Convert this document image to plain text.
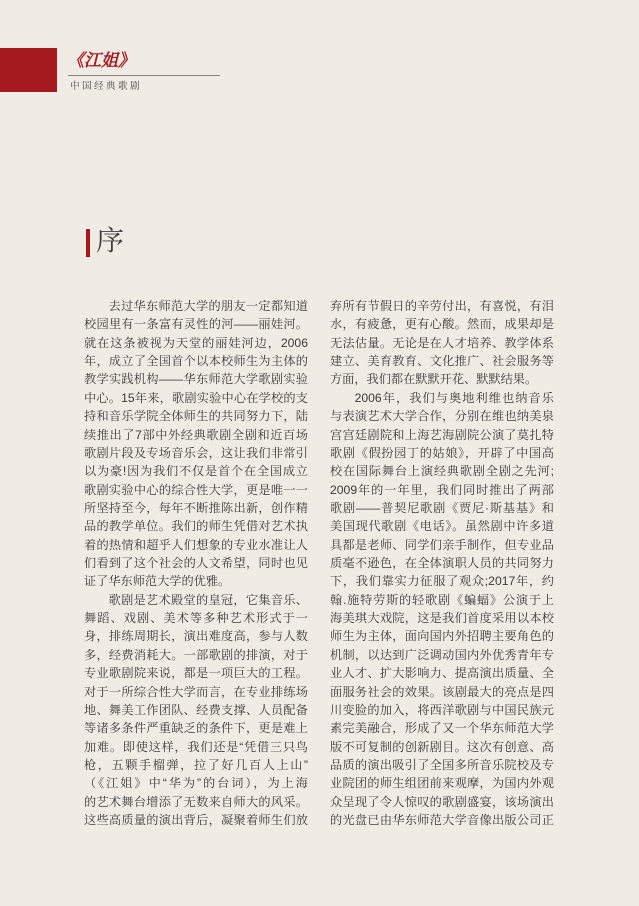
《江姐》
中国经典歌剧
序
去过华东师范大学的朋友一定都知道
校园里有一条富有灵性的河——丽娃河。
就在这条被视为天堂的丽娃河边，2006
年，成立了全国首个以本校师生为主体的
教学实践机构——华东师范大学歌剧实验
中心。15年来，歌剧实验中心在学校的支
持和音乐学院全体师生的共同努力下，陆
续推出了7部中外经典歌剧全剧和近百场
歌剧片段及专场音乐会，这让我们非常引
以为豪!因为我们不仅是首个在全国成立
歌剧实验中心的综合性大学，更是唯一一
所坚持至今，每年不断推陈出新，创作精
品的教学单位。我们的师生凭借对艺术执
着的热情和超乎人们想象的专业水准让人
们看到了这个社会的人文希望，同时也见
证了华东师范大学的优雅。
歌剧是艺术殿堂的皇冠，它集音乐、
舞蹈、戏剧、美术等多种艺术形式于一
身，排练周期长，演出难度高，参与人数
多，经费消耗大。一部歌剧的排演，对于
专业歌剧院来说，都是一项巨大的工程。
对于一所综合性大学而言，在专业排练场
地、舞美工作团队、经费支撑、人员配备
等诸多条件严重缺乏的条件下，更是难上
加难。即使这样，我们还是“凭借三只鸟
枪，五颗手榴弹，拉了好几百人上山”
（《江姐》中“华为”的台词），为上海
的艺术舞台增添了无数来自师大的风采。
这些高质量的演出背后，凝聚着师生们放
弃所有节假日的辛劳付出，有喜悦，有泪
水，有疲惫，更有心酸。然而，成果却是
无法估量。无论是在人才培养、教学体系
建立、美育教育、文化推广、社会服务等
方面，我们都在默默开花、默默结果。
2006年，我们与奥地利维也纳音乐
与表演艺术大学合作，分别在维也纳美泉
宫宫廷剧院和上海艺海剧院公演了莫扎特
歌剧《假扮园丁的姑娘》，开辟了中国高
校在国际舞台上演经典歌剧全剧之先河;
2009年的一年里，我们同时推出了两部
歌剧——普契尼歌剧《贾尼·斯基基》和
美国现代歌剧《电话》。虽然剧中许多道
具都是老师、同学们亲手制作，但专业品
质毫不逊色，在全体演职人员的共同努力
下，我们靠实力征服了观众;2017年，约
翰.施特劳斯的轻歌剧《蝙蝠》公演于上
海美琪大戏院，这是我们首度采用以本校
师生为主体，面向国内外招聘主要角色的
机制，以达到广泛调动国内外优秀青年专
业人才、扩大影响力、提高演出质量、全
面服务社会的效果。该剧最大的亮点是四
川变脸的加入，将西洋歌剧与中国民族元
素完美融合，形成了又一个华东师范大学
版不可复制的创新剧目。这次有创意、高
品质的演出吸引了全国多所音乐院校及专
业院团的师生组团前来观摩，为国内外观
众呈现了令人惊叹的歌剧盛宴，该场演出
的光盘已由华东师范大学音像出版公司正
